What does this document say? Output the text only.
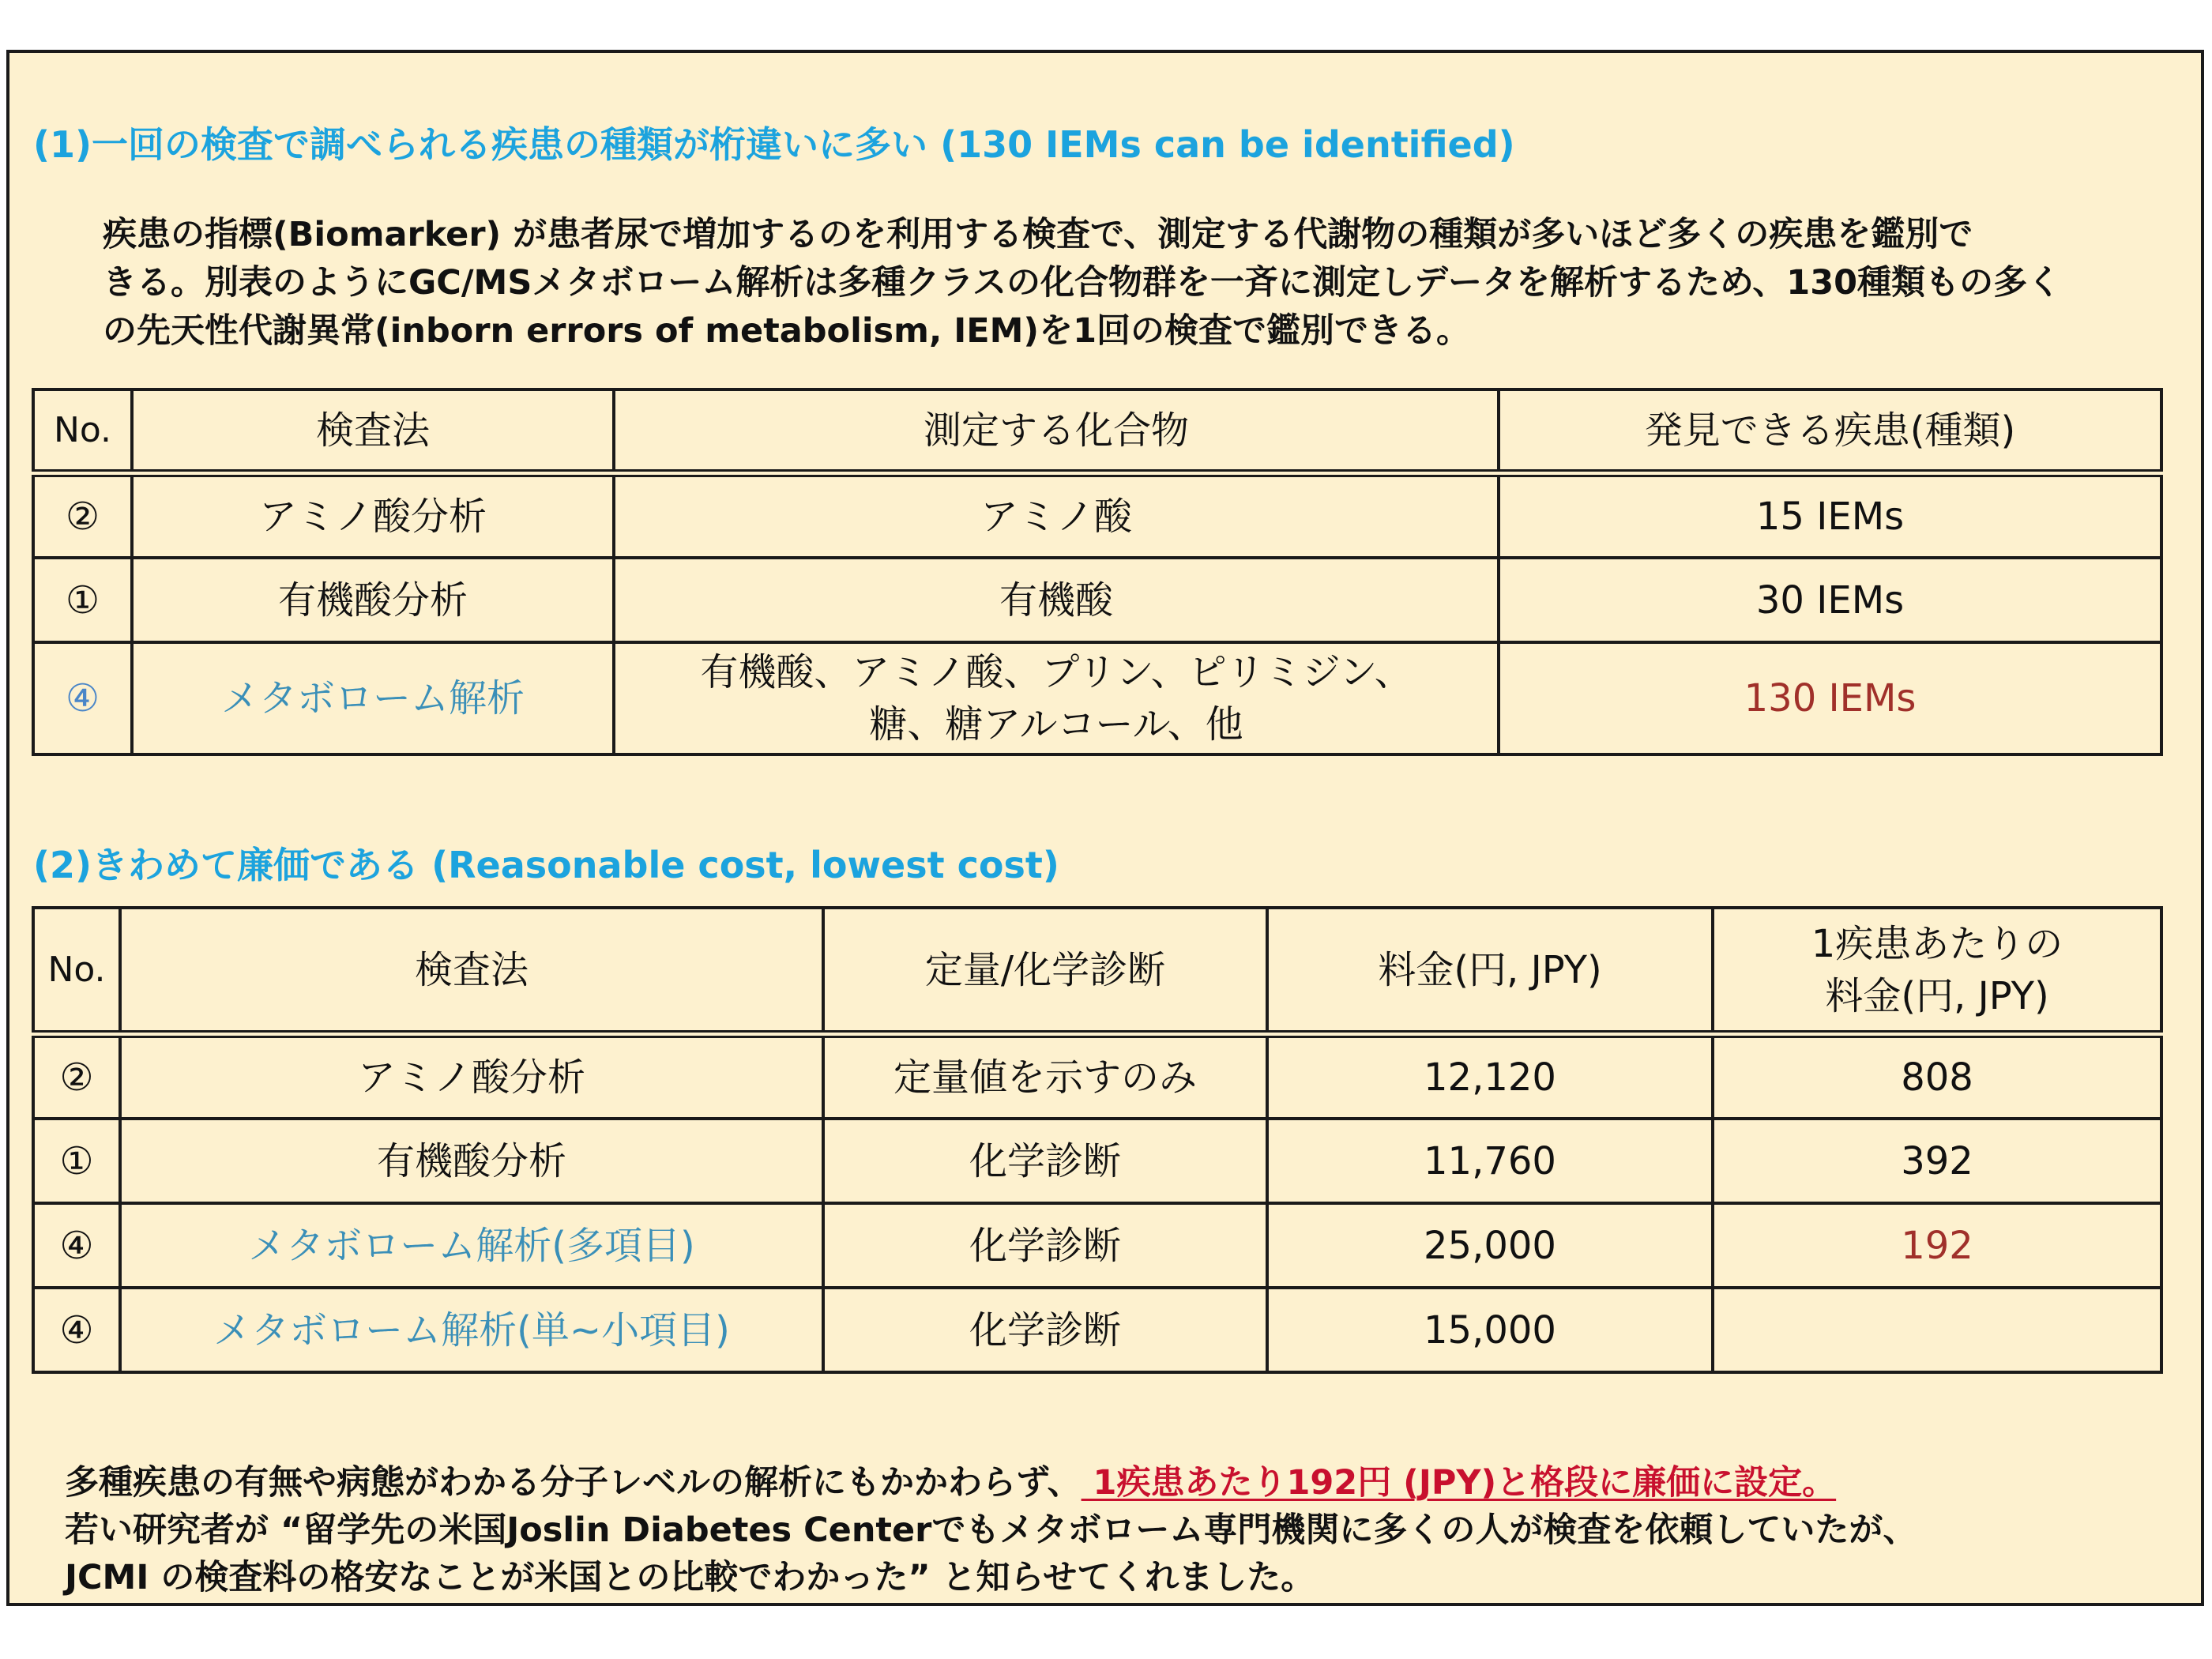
(1)一回の検査で調べられる疾患の種類が桁違いに多い (130 IEMs can be identified)
疾患の指標(Biomarker) が患者尿で増加するのを利用する検査で、測定する代謝物の種類が多いほど多くの疾患を鑑別で
きる。別表のようにGC/MSメタボローム解析は多種クラスの化合物群を一斉に測定しデータを解析するため、130種類もの多く
の先天性代謝異常(inborn errors of metabolism, IEM)を1回の検査で鑑別できる。
No.	検査法	測定する化合物	発見できる疾患(種類)
②	アミノ酸分析	アミノ酸	15 IEMs
①	有機酸分析	有機酸	30 IEMs
④	メタボローム解析	有機酸、アミノ酸、プリン、ピリミジン、
糖、糖アルコール、他	130 IEMs
(2)きわめて廉価である (Reasonable cost, lowest cost)
No.	検査法	定量/化学診断	料金(円, JPY)	1疾患あたりの
料金(円, JPY)
②	アミノ酸分析	定量値を示すのみ	12,120	808
①	有機酸分析	化学診断	11,760	392
④	メタボローム解析(多項目)	化学診断	25,000	192
④	メタボローム解析(単~小項目)	化学診断	15,000	
多種疾患の有無や病態がわかる分子レベルの解析にもかかわらず、 1疾患あたり192円 (JPY)と格段に廉価に設定。
若い研究者が “留学先の米国Joslin Diabetes Centerでもメタボローム専門機関に多くの人が検査を依頼していたが、
JCMI の検査料の格安なことが米国との比較でわかった” と知らせてくれました。
